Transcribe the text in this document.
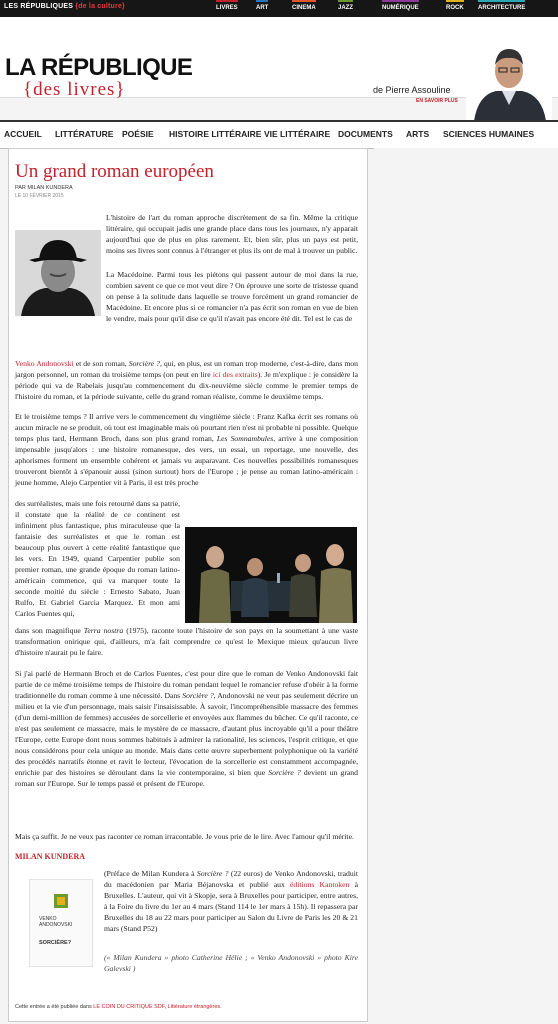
LES RÉPUBLIQUES {de la culture}	LIVRES	ART	CINEMA	JAZZ	NUMÉRIQUE	ROCK ARCHITECTURE
LA RÉPUBLIQUE
{des livres}	de Pierre Assouline
EN SAVOIR PLUS
ACCUEIL LITTÉRATURE POÉSIE HISTOIRE LITTÉRAIRE VIE LITTÉRAIRE DOCUMENTS ARTS SCIENCES HUMAINES
Un grand roman européen
PAR MILAN KUNDERA
LE 10 FÉVRIER 2015

L'histoire de l'art du roman approche discrètement de sa fin. Même la critique littéraire, qui occupait jadis une grande place dans tous les journaux, n'y apparait aujourd'hui que de plus en plus rarement. Et, bien sûr, plus un pays est petit, moins ses livres sont connus à l'étranger et plus ils ont de mal à trouver un public.

La Macédoine. Parmi tous les piétons qui passent autour de moi dans la rue, combien savent ce que ce mot veut dire ? On éprouve une sorte de tristesse quand on pense à la solitude dans laquelle se trouve forcément un grand romancier de Macédoine. Et encore plus si ce romancier n'a pas écrit son roman en vue de bien le vendre, mais pour qu'il dise ce qu'il n'avait pas encore été dit. Tel est le cas de

Venko Andonovski et de son roman, Sorcière ?, qui, en plus, est un roman trop moderne, c'est-à-dire, dans mon jargon personnel, un roman du troisième temps (on peut en lire ici des extraits). Je m'explique : je considère la période qui va de Rabelais jusqu'au commencement du dix-neuvième siècle comme le premier temps de l'histoire du roman, et la période suivante, celle du grand roman réaliste, comme le deuxième temps.

Et le troisième temps ? Il arrive vers le commencement du vingtième siècle : Franz Kafka écrit ses romans où aucun miracle ne se produit, où tout est imaginable mais où pourtant rien n'est ni probable ni possible. Quelque temps plus tard, Hermann Broch, dans son plus grand roman, Les Somnambules, arrive à une composition impensable jusqu'alors : une histoire romanesque, des vers, un essai, un reportage, une nouvelle, des aphorismes forment un ensemble cohérent et jamais vu auparavant. Ces nouvelles possibilités romanesques trouveront bientôt à s'épanouir aussi (sinon surtout) hors de l'Europe ; je pense au roman latino-américain : jeune homme, Alejo Carpentier vit à Paris, il est très proche

des surréalistes, mais une fois retourné dans sa patrie, il constate que la réalité de ce continent est infiniment plus fantastique, plus miraculeuse que la fantaisie des surréalistes et que le roman est beaucoup plus ouvert à cette réalité fantastique que les vers. En 1949, quand Carpentier publie son premier roman, une grande époque du roman latino-américain commence, qui va marquer toute la seconde moitié du siècle : Ernesto Sabato, Juan Rulfo, Et Gabriel Garcia Marquez. Et mon ami Carlos Fuentes qui,

dans son magnifique Terra nostra (1975), raconte toute l'histoire de son pays en la soumettant à une vaste transformation onirique qui, d'ailleurs, m'a fait comprendre ce qu'est le Mexique mieux qu'aucun livre d'histoire n'aurait pu le faire.

Si j'ai parlé de Hermann Broch et de Carlos Fuentes, c'est pour dire que le roman de Venko Andonovski fait partie de ce même troisième temps de l'histoire du roman pendant lequel le romancier refuse d'obéir à la forme traditionnelle du roman comme à une nécessité. Dans Sorcière ?, Andonovski ne veut pas seulement décrire un milieu et la vie d'un personnage, mais saisir l'insaisissable. À savoir, l'incompréhensible massacre des femmes (d'un demi-million de femmes) accusées de sorcellerie et envoyées aux flammes du bûcher. Ce qu'il raconte, ce n'est pas seulement ce massacre, mais le mystère de ce massacre, d'autant plus incroyable qu'il a pour théâtre l'Europe, cette Europe dont nous sommes habitués à admirer la rationalité, les sciences, l'esprit critique, et que nous considérons pour cela unique au monde. Mais dans cette œuvre superbement polyphonique où la variété des procédés narratifs étonne et ravit le lecteur, l'évocation de la sorcellerie est constamment accompagnée, enrichie par des histoires se déroulant dans la vie contemporaine, si bien que Sorcière ? devient un grand roman sur l'Europe. Sur le temps passé et présent de l'Europe.

Mais ça suffit. Je ne veux pas raconter ce roman irracontable. Je vous prie de le lire. Avec l'amour qu'il mérite.

MILAN KUNDERA
VENKO
ANDONOVSKI
SORCIÈRE?

(Préface de Milan Kundera à Sorcière ? (22 euros) de Venko Andonovski, traduit du macédonien par Maria Béjanovska et publié aux éditions Kantoken à Bruxelles. L'auteur, qui vit à Skopje, sera à Bruxelles pour participer, entre autres, à la Foire du livre du 1er au 4 mars (Stand 114 le 1er mars à 15h). Il repassera par Bruxelles du 18 au 22 mars pour participer au Salon du Livre de Paris les 20 & 21 mars (Stand P52)

(« Milan Kundera » photo Catherine Hélie ; « Venko Andonovski » photo Kire Galevski )

Cette entrée a été publiée dans LE COIN DU CRITIQUE SDF, Littérature étrangères.
